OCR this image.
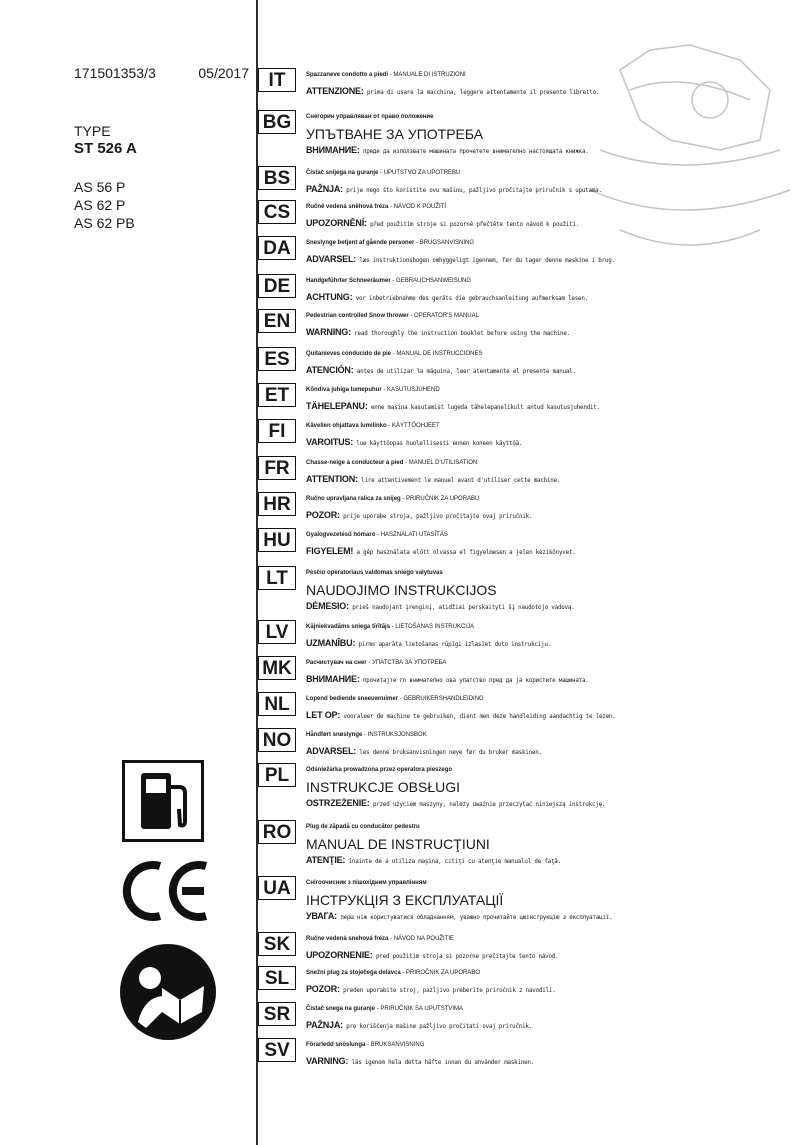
171501353/3	05/2017
TYPE
ST 526 A
AS 56 P
AS 62 P
AS 62 PB
IT	Spazzaneve condotto a piedi - MANUALE DI ISTRUZIONI
ATTENZIONE: prima di usare la macchina, leggere attentamente il presente libretto.
BG	Снегорин управляван от право положение
УПЪТВАНЕ ЗА УПОТРЕБА
ВНИМАНИЕ: преди да използвате машината прочетете внимателно настоящата книжка.
BS	Čistač snijega na guranje - UPUTSTVO ZA UPOTREBU
PAŽNJA: prije nego što koristite ovu mašinu, pažljivo pročitajte priručnik s uputama.
CS	Ručně vedená sněhová fréza - NÁVOD K POUŽITÍ
UPOZORNĚNÍ: před použitím stroje si pozorně přečtěte tento návod k použití.
DA	Sneslynge betjent af gående personer - BRUGSANVISNING
ADVARSEL: læs instruktionsbogen omhyggeligt igennem, før du tager denne maskine i brug.
DE	Handgeführter Schneeräumer - GEBRAUCHSANWEISUNG
ACHTUNG: vor inbetriebnahme des geräts die gebrauchsanleitung aufmerksam lesen.
EN	Pedestrian controlled Snow thrower - OPERATOR'S MANUAL
WARNING: read thoroughly the instruction booklet before using the machine.
ES	Quitanieves conducido de pie - MANUAL DE INSTRUCCIONES
ATENCIÓN: antes de utilizar la máquina, leer atentamente el presente manual.
ET	Kõndiva juhiga lumepuhur - KASUTUSJUHEND
TÄHELEPANU: enne masina kasutamist lugeda tähelepanelikult antud kasutusjuhendit.
FI	Kävellen ohjattava lumilinko - KÄYTTÖOHJEET
VAROITUS: lue käyttöopas huolellisesti ennen koneen käyttöä.
FR	Chasse-neige à conducteur à pied - MANUEL D'UTILISATION
ATTENTION: lire attentivement le manuel avant d'utiliser cette machine.
HR	Ručno upravljana ralica za snijeg - PRIRUČNIK ZA UPORABU
POZOR: prije uporabe stroja, pažljivo pročitajte ovaj priručnik.
HU	Gyalogvezetésű hómaró - HASZNÁLATI UTASÍTÁS
FIGYELEM! a gép használata előtt olvassa el figyelmesen a jelen kézikönyvet.
LT	Pėsčio operatoriaus valdomas sniego valytuvas
NAUDOJIMO INSTRUKCIJOS
DĖMESIO: prieš naudojant įrenginį, atidžiai perskaityti šį naudotojo vadovą.
LV	Kājniekvadāms sniega tīrītājs - LIETOŠANAS INSTRUKCIJA
UZMANĪBU: pirms aparāta lietošanas rūpīgi izlasiet doto instrukciju.
MK	Расчистувач на снег - УПАТСТВА ЗА УПОТРЕБА
ВНИМАНИЕ: прочитајте го внимателно ова упатство пред да ја користите машината.
NL	Lopend bediende sneeuwruimer - GEBRUIKERSHANDLEIDING
LET OP: vooraleer de machine te gebruiken, dient men deze handleiding aandachtig te lezen.
NO	Håndført snøslynge - INSTRUKSJONSBOK
ADVARSEL: les denne bruksanvisningen nøye før du bruker maskinen.
PL	Odśnieżarka prowadzona przez operatora pieszego
INSTRUKCJE OBSŁUGI
OSTRZEŻENIE: przed użyciem maszyny, należy uważnie przeczytać niniejszą instrukcję.
RO	Plug de zăpadă cu conducător pedestru
MANUAL DE INSTRUCŢIUNI
ATENŢIE: înainte de a utiliza maşina, citiţi cu atenţie manualul de faţă.
UA	Снігоочисник з пішохідним управлінням
ІНСТРУКЦІЯ З ЕКСПЛУАТАЦІЇ
УВАГА: перш ніж користуватися обладнанням, уважно прочитайте цюінструкцію з експлуатації.
SK	Ručne vedená snehová fréza - NÁVOD NA POUŽITIE
UPOZORNENIE: pred použitím stroja si pozorne prečítajte tento návod.
SL	Snežni plug za stoječega delavca - PRIROČNIK ZA UPORABO
POZOR: preden uporabite stroj, pazljivo preberite priročnik z navodili.
SR	Čistač snega na guranje - PRIRUČNIK SA UPUTSTVIMA
PAŽNJA: pre korišćenja mašine pažljivo pročitati ovaj priručnik.
SV	Förarledd snöslunga - BRUKSANVISNING
VARNING: läs igenom hela detta häfte innan du använder maskinen.
